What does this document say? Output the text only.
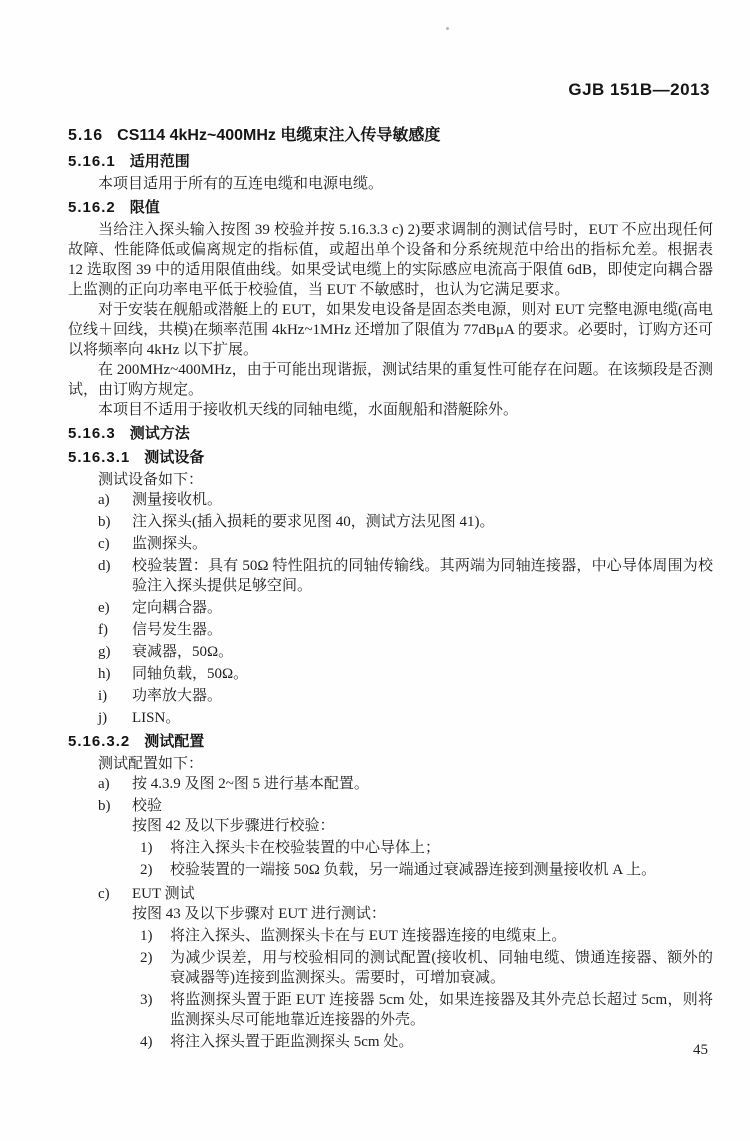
GJB 151B—2013
5.16 CS114 4kHz~400MHz 电缆束注入传导敏感度
5.16.1 适用范围

本项目适用于所有的互连电缆和电源电缆。

5.16.2 限值

当给注入探头输入按图 39 校验并按 5.16.3.3 c) 2)要求调制的测试信号时，EUT 不应出现任何故障、性能降低或偏离规定的指标值，或超出单个设备和分系统规范中给出的指标允差。根据表 12 选取图 39 中的适用限值曲线。如果受试电缆上的实际感应电流高于限值 6dB，即使定向耦合器上监测的正向功率电平低于校验值，当 EUT 不敏感时，也认为它满足要求。

对于安装在舰船或潜艇上的 EUT，如果发电设备是固态类电源，则对 EUT 完整电源电缆(高电位线＋回线，共模)在频率范围 4kHz~1MHz 还增加了限值为 77dBμA 的要求。必要时，订购方还可以将频率向 4kHz 以下扩展。

在 200MHz~400MHz，由于可能出现谐振，测试结果的重复性可能存在问题。在该频段是否测试，由订购方规定。

本项目不适用于接收机天线的同轴电缆，水面舰船和潜艇除外。

5.16.3 测试方法
5.16.3.1 测试设备

测试设备如下：

a)	测量接收机。
b)	注入探头(插入损耗的要求见图 40，测试方法见图 41)。
c)	监测探头。
d)	校验装置：具有 50Ω 特性阻抗的同轴传输线。其两端为同轴连接器，中心导体周围为校验注入探头提供足够空间。
e)	定向耦合器。
f)	信号发生器。
g)	衰减器，50Ω。
h)	同轴负载，50Ω。
i)	功率放大器。
j)	LISN。
5.16.3.2 测试配置

测试配置如下：

a)	按 4.3.9 及图 2~图 5 进行基本配置。
b)	校验
按图 42 及以下步骤进行校验：
1)	将注入探头卡在校验装置的中心导体上；
2)	校验装置的一端接 50Ω 负载，另一端通过衰减器连接到测量接收机 A 上。
c)	EUT 测试
按图 43 及以下步骤对 EUT 进行测试：
1)	将注入探头、监测探头卡在与 EUT 连接器连接的电缆束上。
2)	为减少误差，用与校验相同的测试配置(接收机、同轴电缆、馈通连接器、额外的衰减器等)连接到监测探头。需要时，可增加衰减。
3)	将监测探头置于距 EUT 连接器 5cm 处，如果连接器及其外壳总长超过 5cm，则将监测探头尽可能地靠近连接器的外壳。
4)	将注入探头置于距监测探头 5cm 处。	45
